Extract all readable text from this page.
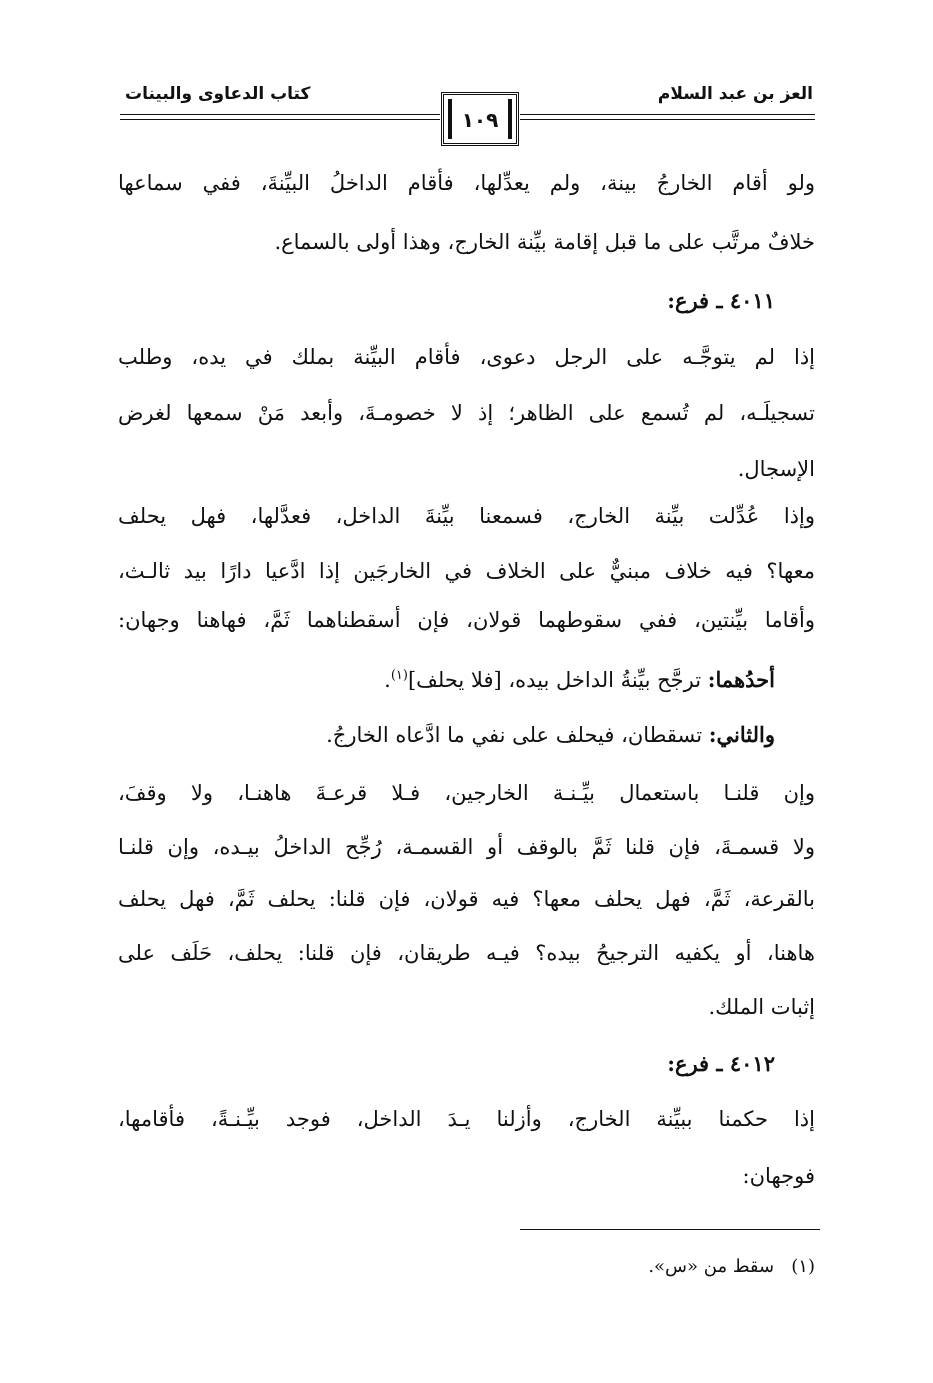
العز بن عبد السلام
كتاب الدعاوى والبينات
١٠٩
ولو أقام الخارجُ بينة، ولم يعدِّلها، فأقام الداخلُ البيِّنةَ، ففي سماعها
خلافٌ مرتَّب على ما قبل إقامة بيِّنة الخارج، وهذا أولى بالسماع.
٤٠١١ ـ فرع:
إذا لم يتوجَّـه على الرجل دعوى، فأقام البيِّنة بملك في يده، وطلب
تسجيلَـه، لم تُسمع على الظاهر؛ إذ لا خصومـةَ، وأبعد مَنْ سمعها لغرض
الإسجال.
وإذا عُدِّلت بيِّنة الخارج، فسمعنا بيِّنةَ الداخل، فعدَّلها، فهل يحلف
معها؟ فيه خلاف مبنيٌّ على الخلاف في الخارجَين إذا ادَّعيا دارًا بيد ثالـث،
وأقاما بيِّنتين، ففي سقوطهما قولان، فإن أسقطناهما ثَمَّ، فهاهنا وجهان:
أحدُهما: ترجَّح بيِّنةُ الداخل بيده، [فلا يحلف]$^{(١)}$.
والثاني: تسقطان، فيحلف على نفي ما ادَّعاه الخارجُ.
وإن قلنـا باستعمال بيِّـنـة الخارجين، فـلا قرعـةَ هاهنـا، ولا وقفَ،
ولا قسمـةَ، فإن قلنا ثَمَّ بالوقف أو القسمـة، رُجِّح الداخلُ بيـده، وإن قلنـا
بالقرعة، ثَمَّ، فهل يحلف معها؟ فيه قولان، فإن قلنا: يحلف ثَمَّ، فهل يحلف
هاهنا، أو يكفيه الترجيحُ بيده؟ فيـه طريقان، فإن قلنا: يحلف، حَلَف على
إثبات الملك.
٤٠١٢ ـ فرع:
إذا حكمنا ببيِّنة الخارج، وأزلنا يـدَ الداخل، فوجد بيِّـنـةً، فأقامها،
فوجهان:
(١)   سقط من «س».
